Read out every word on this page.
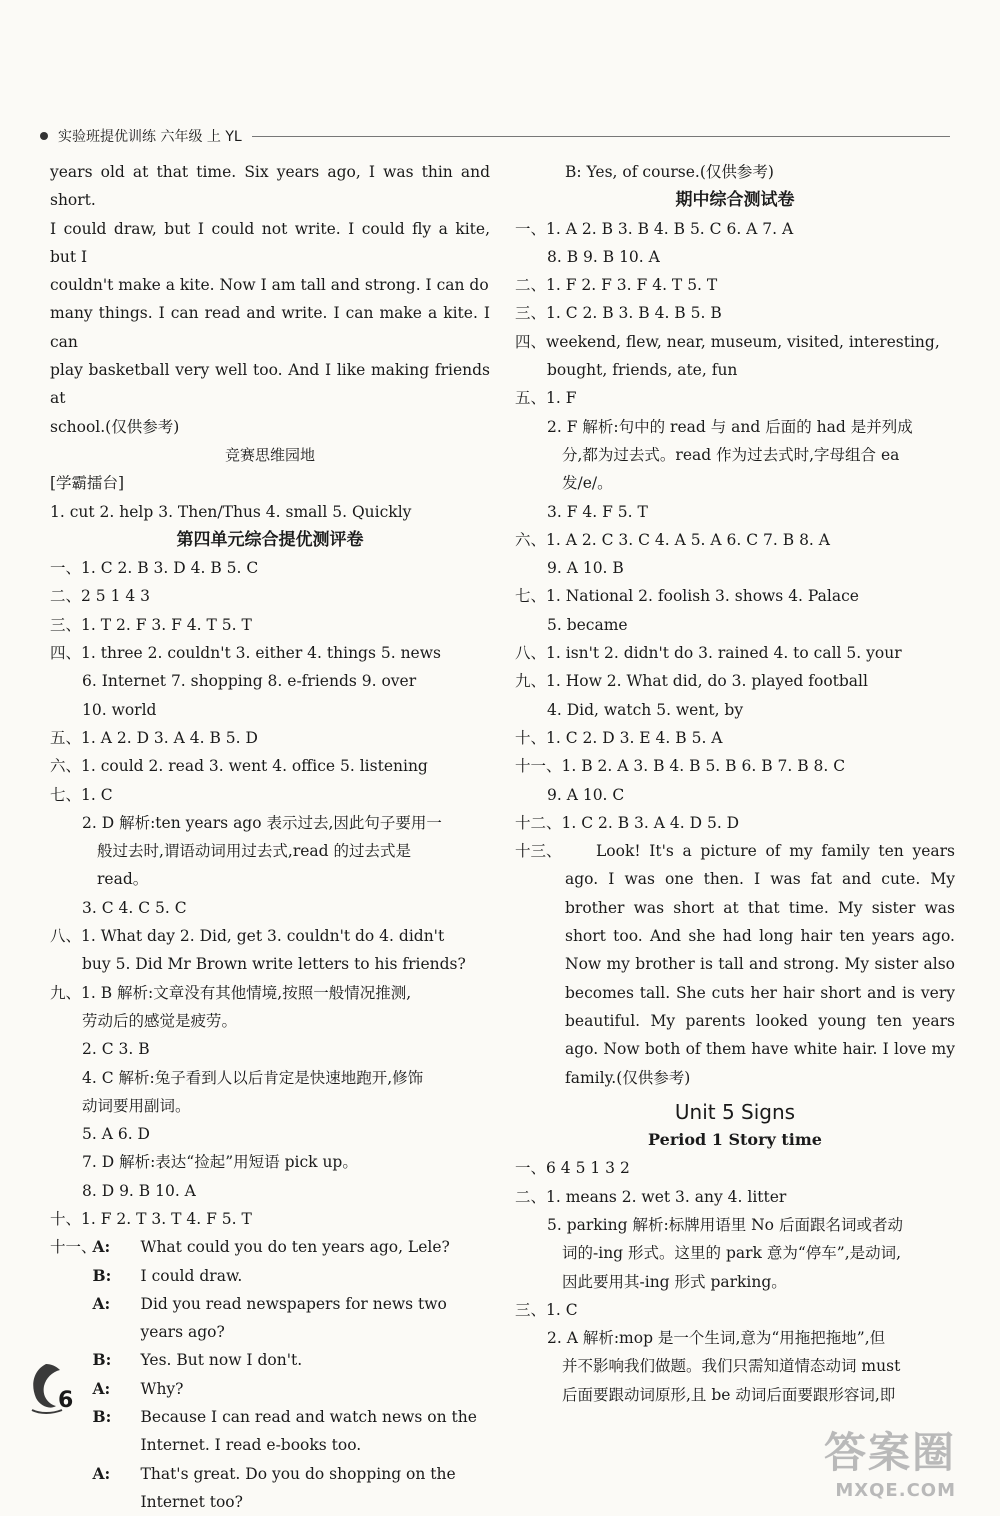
实验班提优训练 六年级 上 YL
years old at that time. Six years ago, I was thin and short.
I could draw, but I could not write. I could fly a kite, but I
couldn't make a kite. Now I am tall and strong. I can do
many things. I can read and write. I can make a kite. I can
play basketball very well too. And I like making friends at
school.(仅供参考)
竞赛思维园地
[学霸擂台]
1. cut 2. help 3. Then/Thus 4. small 5. Quickly
第四单元综合提优测评卷
一、 1. C 2. B 3. D 4. B 5. C
二、 2 5 1 4 3
三、 1. T 2. F 3. F 4. T 5. T
四、 1. three 2. couldn't 3. either 4. things 5. news
6. Internet 7. shopping 8. e-friends 9. over
10. world
五、 1. A 2. D 3. A 4. B 5. D
六、 1. could 2. read 3. went 4. office 5. listening
七、 1. C
2. D 解析:ten years ago 表示过去,因此句子要用一
般过去时,谓语动词用过去式,read 的过去式是
read。
3. C 4. C 5. C
八、 1. What day 2. Did, get 3. couldn't do 4. didn't
buy 5. Did Mr Brown write letters to his friends?
九、 1. B 解析:文章没有其他情境,按照一般情况推测,
劳动后的感觉是疲劳。
2. C 3. B
4. C 解析:兔子看到人以后肯定是快速地跑开,修饰
动词要用副词。
5. A 6. D
7. D 解析:表达“捡起”用短语 pick up。
8. D 9. B 10. A
十、 1. F 2. T 3. T 4. F 5. T
十一、
A: What could you do ten years ago, Lele?
B: I could draw.
A: Did you read newspapers for news two years ago?
B: Yes. But now I don't.
A: Why?
B: Because I can read and watch news on the Internet. I read e-books too.
A: That's great. Do you do shopping on the Internet too?
B: Yes, of course.(仅供参考)
期中综合测试卷
一、 1. A 2. B 3. B 4. B 5. C 6. A 7. A
8. B 9. B 10. A
二、 1. F 2. F 3. F 4. T 5. T
三、 1. C 2. B 3. B 4. B 5. B
四、 weekend, flew, near, museum, visited, interesting,
bought, friends, ate, fun
五、 1. F
2. F 解析:句中的 read 与 and 后面的 had 是并列成
分,都为过去式。read 作为过去式时,字母组合 ea
发/e/。
3. F 4. F 5. T
六、 1. A 2. C 3. C 4. A 5. A 6. C 7. B 8. A
9. A 10. B
七、 1. National 2. foolish 3. shows 4. Palace
5. became
八、 1. isn't 2. didn't do 3. rained 4. to call 5. your
九、 1. How 2. What did, do 3. played football
4. Did, watch 5. went, by
十、 1. C 2. D 3. E 4. B 5. A
十一、 1. B 2. A 3. B 4. B 5. B 6. B 7. B 8. C
9. A 10. C
十二、 1. C 2. B 3. A 4. D 5. D
十三、	Look! It's a picture of my family ten years ago. I was one then. I was fat and cute. My brother was short at that time. My sister was short too. And she had long hair ten years ago. Now my brother is tall and strong. My sister also becomes tall. She cuts her hair short and is very beautiful. My parents looked young ten years ago. Now both of them have white hair. I love my family.(仅供参考)
Unit 5 Signs
Period 1 Story time
一、 6 4 5 1 3 2
二、 1. means 2. wet 3. any 4. litter
5. parking 解析:标牌用语里 No 后面跟名词或者动
词的-ing 形式。这里的 park 意为“停车”,是动词,
因此要用其-ing 形式 parking。
三、 1. C
2. A 解析:mop 是一个生词,意为“用拖把拖地”,但
并不影响我们做题。我们只需知道情态动词 must
后面要跟动词原形,且 be 动词后面要跟形容词,即
6
答案圈
MXQE.COM
